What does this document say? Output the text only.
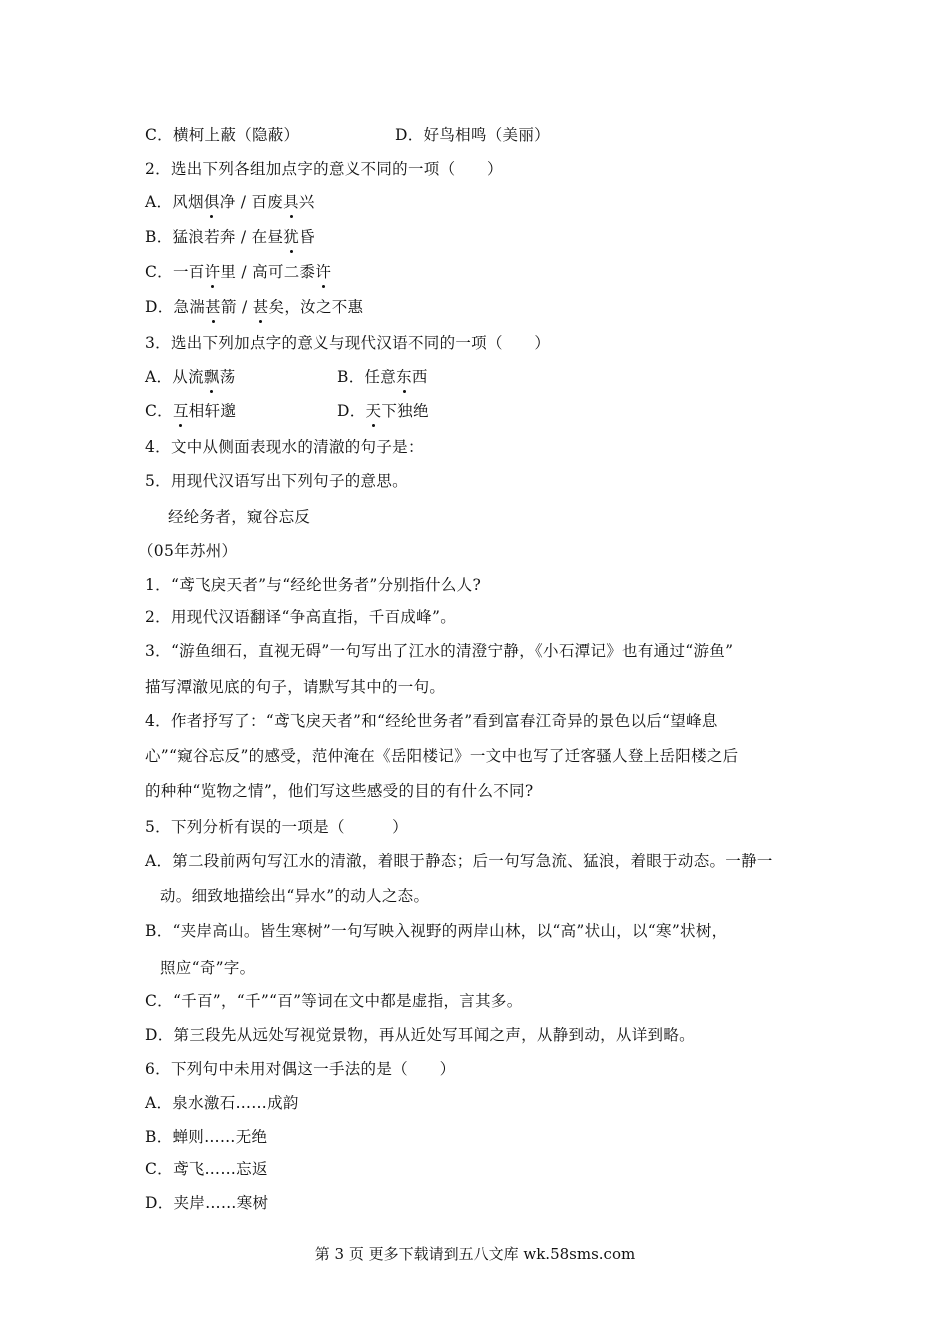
C．横柯上蔽（隐蔽）	D．好鸟相鸣（美丽）
2．选出下列各组加点字的意义不同的一项（　　）
A．风烟俱净 / 百废具兴
B．猛浪若奔 / 在昼犹昏
C．一百许里 / 高可二黍许
D．急湍甚箭 / 甚矣，汝之不惠
3．选出下列加点字的意义与现代汉语不同的一项（　　）
A．从流飘荡	B．任意东西
C．互相轩邈	D．天下独绝
4．文中从侧面表现水的清澈的句子是：
5．用现代汉语写出下列句子的意思。
经纶务者，窥谷忘反
（05年苏州）
1．“鸢飞戾天者”与“经纶世务者”分别指什么人?
2．用现代汉语翻译“争高直指，千百成峰”。
3．“游鱼细石，直视无碍”一句写出了江水的清澄宁静，《小石潭记》也有通过“游鱼”
描写潭澈见底的句子，请默写其中的一句。
4．作者抒写了：“鸢飞戾天者”和“经纶世务者”看到富春江奇异的景色以后“望峰息
心”“窥谷忘反”的感受，范仲淹在《岳阳楼记》一文中也写了迁客骚人登上岳阳楼之后
的种种“览物之情”，他们写这些感受的目的有什么不同?
5．下列分析有误的一项是（　　　）
A．第二段前两句写江水的清澈，着眼于静态；后一句写急流、猛浪，着眼于动态。一静一
动。细致地描绘出“异水”的动人之态。
B．“夹岸高山。皆生寒树”一句写映入视野的两岸山林，以“高”状山，以“寒”状树，
照应“奇”字。
C．“千百”，“千”“百”等词在文中都是虚指，言其多。
D．第三段先从远处写视觉景物，再从近处写耳闻之声，从静到动，从详到略。
6．下列句中未用对偶这一手法的是（　　）
A．泉水激石……成韵
B．蝉则……无绝
C．鸢飞……忘返
D．夹岸……寒树
第 3 页 更多下载请到五八文库 wk.58sms.com
